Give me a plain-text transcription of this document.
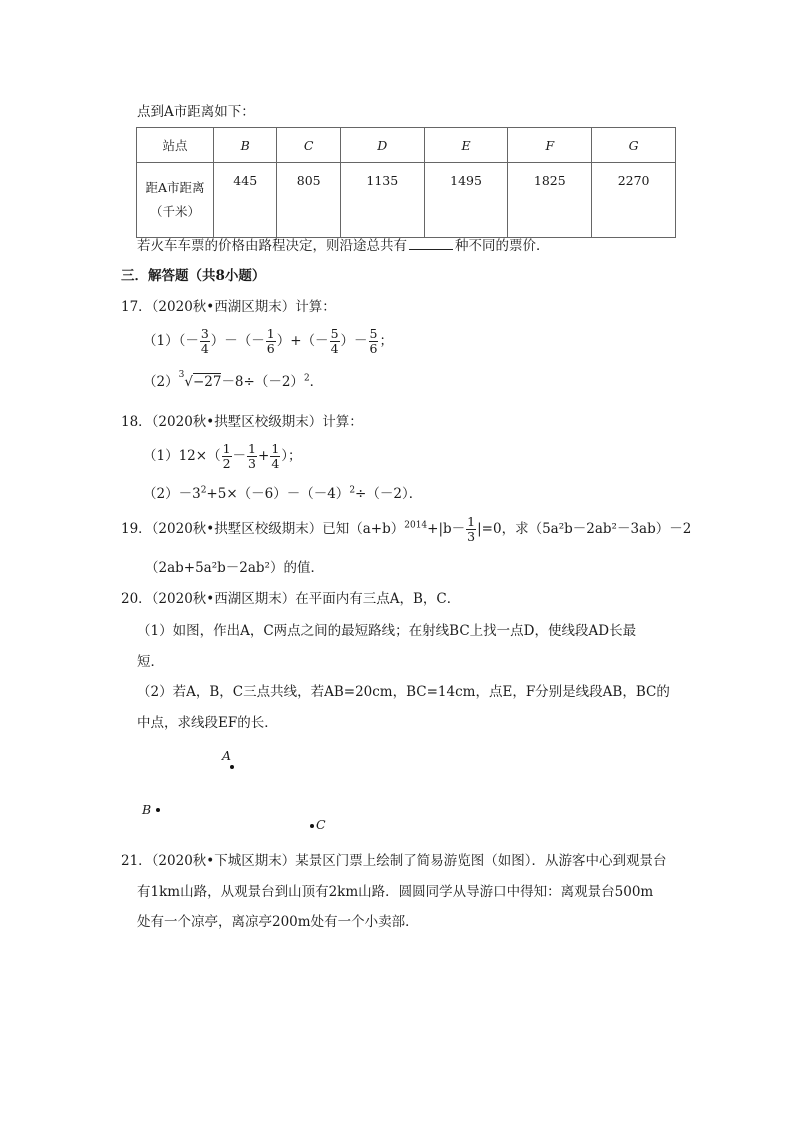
点到A市距离如下：
站点	B	C	D	E	F	G

距A市距离
（千米）	445	805	1135	1495	1825	2270
若火车车票的价格由路程决定，则沿途总共有	种不同的票价．
三．解答题（共8小题）
17．（2020秋•西湖区期末）计算：
$(1)(- \frac{3}{4}$ ）－（－ $\frac{1}{6}$ ）+（－ $\frac{5}{4}$ ）－ $\frac{5}{6}$ ；
$(2)^3√-27-8\div(-2)^2$．
18．（2020秋•拱墅区校级期末）计算：
$(1)12\times( \frac{1}{2} - \frac{1}{3} + \frac{1}{4}$ ）；
$(2)-3^2+5\times(-6)-(-4)^2\div(-2)$．
19．（2020秋•拱墅区校级期末）已知$(a+b)^{2014}+|b- \frac{1}{3} |=0$，求（5a²b－2ab²－3ab）－2
（2ab+5a²b－2ab²）的值．
20．（2020秋•西湖区期末）在平面内有三点A，B，C．
（1）如图，作出A，C两点之间的最短路线；在射线BC上找一点D，使线段AD长最
短．
（2）若A，B，C三点共线，若AB=20cm，BC=14cm，点E，F分别是线段AB，BC的
中点，求线段EF的长．
A
B
C
21．（2020秋•下城区期末）某景区门票上绘制了简易游览图（如图）．从游客中心到观景台
有1km山路，从观景台到山顶有2km山路．圆圆同学从导游口中得知：离观景台500m
处有一个凉亭，离凉亭200m处有一个小卖部．
